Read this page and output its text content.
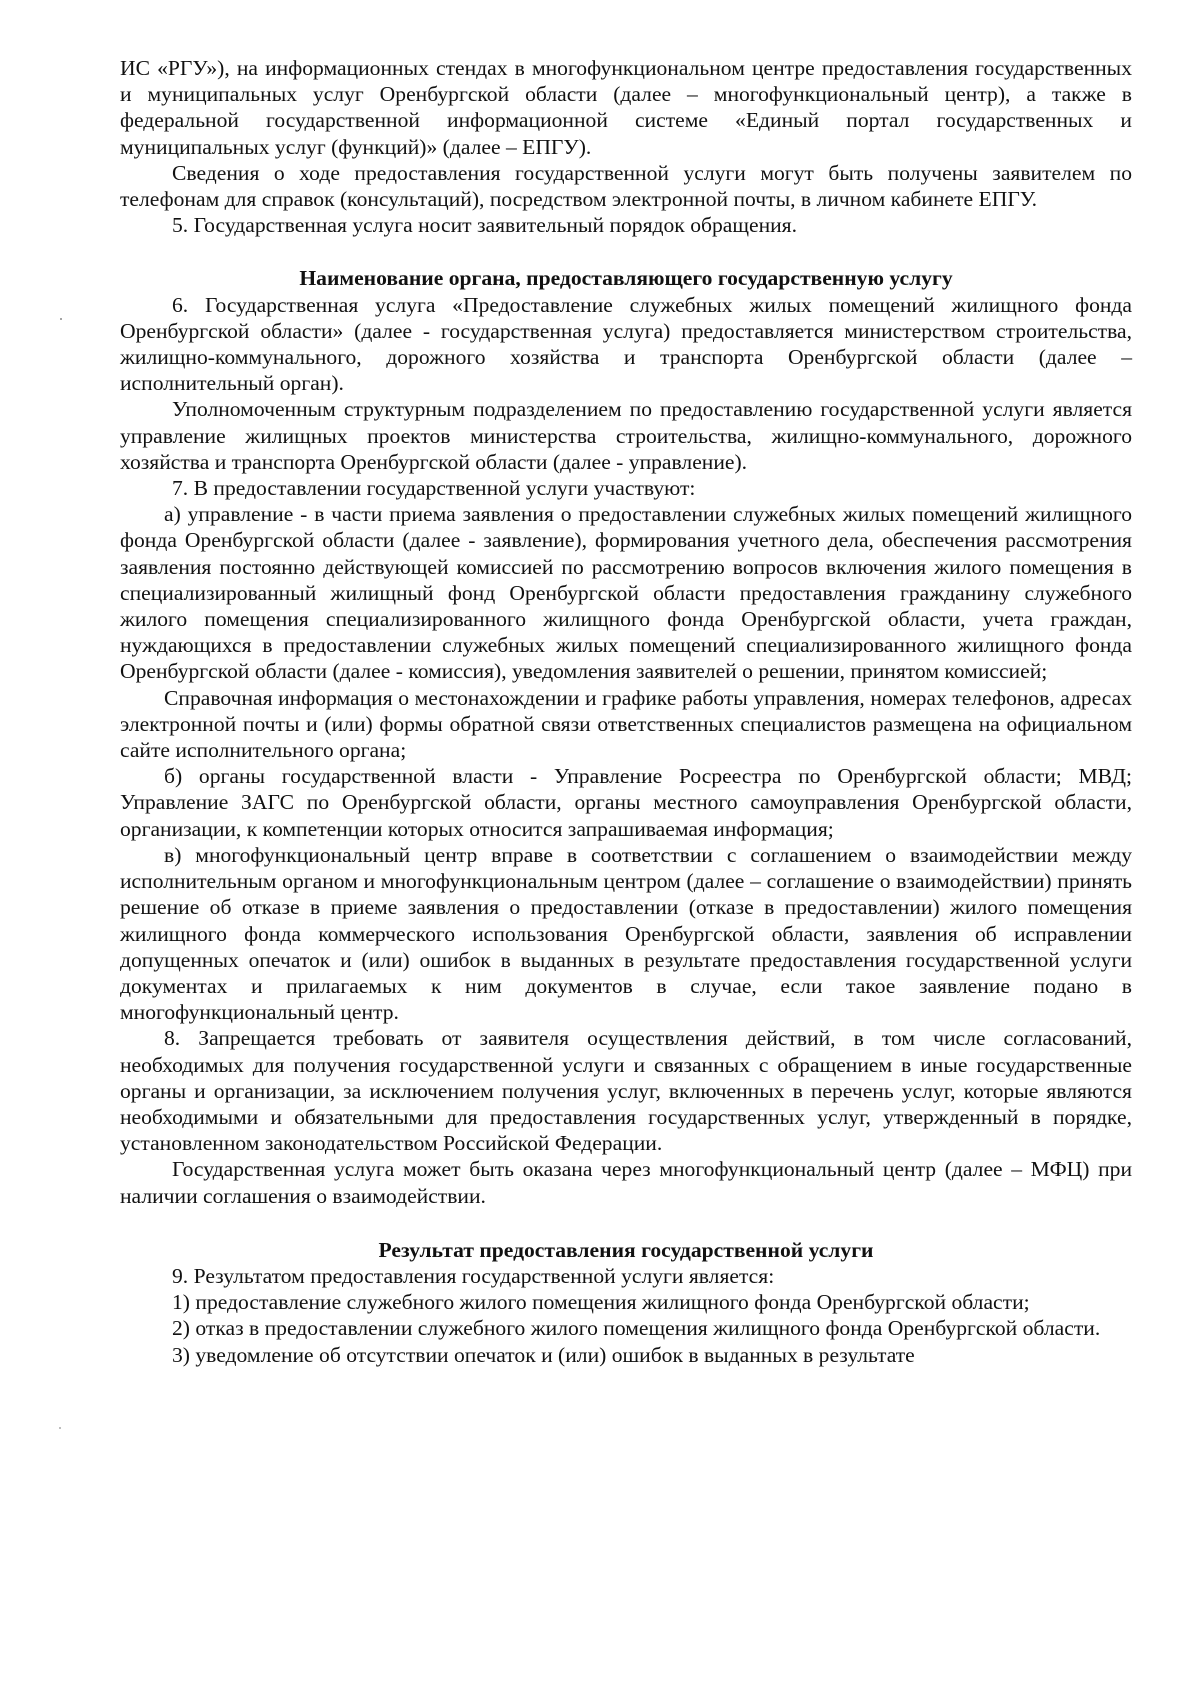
ИС «РГУ»), на информационных стендах в многофункциональном центре предоставления государственных и муниципальных услуг Оренбургской области (далее – многофункциональный центр), а также в федеральной государственной информационной системе «Единый портал государственных и муниципальных услуг (функций)» (далее – ЕПГУ).

Сведения о ходе предоставления государственной услуги могут быть получены заявителем по телефонам для справок (консультаций), посредством электронной почты, в личном кабинете ЕПГУ.

5. Государственная услуга носит заявительный порядок обращения.

Наименование органа, предоставляющего государственную услугу

6. Государственная услуга «Предоставление служебных жилых помещений жилищного фонда Оренбургской области» (далее - государственная услуга) предоставляется министерством строительства, жилищно-коммунального, дорожного хозяйства и транспорта Оренбургской области (далее – исполнительный орган).

Уполномоченным структурным подразделением по предоставлению государственной услуги является управление жилищных проектов министерства строительства, жилищно-коммунального, дорожного хозяйства и транспорта Оренбургской области (далее - управление).

7. В предоставлении государственной услуги участвуют:

а) управление - в части приема заявления о предоставлении служебных жилых помещений жилищного фонда Оренбургской области (далее - заявление), формирования учетного дела, обеспечения рассмотрения заявления постоянно действующей комиссией по рассмотрению вопросов включения жилого помещения в специализированный жилищный фонд Оренбургской области предоставления гражданину служебного жилого помещения специализированного жилищного фонда Оренбургской области, учета граждан, нуждающихся в предоставлении служебных жилых помещений специализированного жилищного фонда Оренбургской области (далее - комиссия), уведомления заявителей о решении, принятом комиссией;

Справочная информация о местонахождении и графике работы управления, номерах телефонов, адресах электронной почты и (или) формы обратной связи ответственных специалистов размещена на официальном сайте исполнительного органа;

б) органы государственной власти - Управление Росреестра по Оренбургской области; МВД; Управление ЗАГС по Оренбургской области, органы местного самоуправления Оренбургской области, организации, к компетенции которых относится запрашиваемая информация;

в) многофункциональный центр вправе в соответствии с соглашением о взаимодействии между исполнительным органом и многофункциональным центром (далее – соглашение о взаимодействии) принять решение об отказе в приеме заявления о предоставлении (отказе в предоставлении) жилого помещения жилищного фонда коммерческого использования Оренбургской области, заявления об исправлении допущенных опечаток и (или) ошибок в выданных в результате предоставления государственной услуги документах и прилагаемых к ним документов в случае, если такое заявление подано в многофункциональный центр.

8. Запрещается требовать от заявителя осуществления действий, в том числе согласований, необходимых для получения государственной услуги и связанных с обращением в иные государственные органы и организации, за исключением получения услуг, включенных в перечень услуг, которые являются необходимыми и обязательными для предоставления государственных услуг, утвержденный в порядке, установленном законодательством Российской Федерации.

Государственная услуга может быть оказана через многофункциональный центр (далее – МФЦ) при наличии соглашения о взаимодействии.

Результат предоставления государственной услуги

9. Результатом предоставления государственной услуги является:

1) предоставление служебного жилого помещения жилищного фонда Оренбургской области;

2) отказ в предоставлении служебного жилого помещения жилищного фонда Оренбургской области.

3) уведомление об отсутствии опечаток и (или) ошибок в выданных в результате
